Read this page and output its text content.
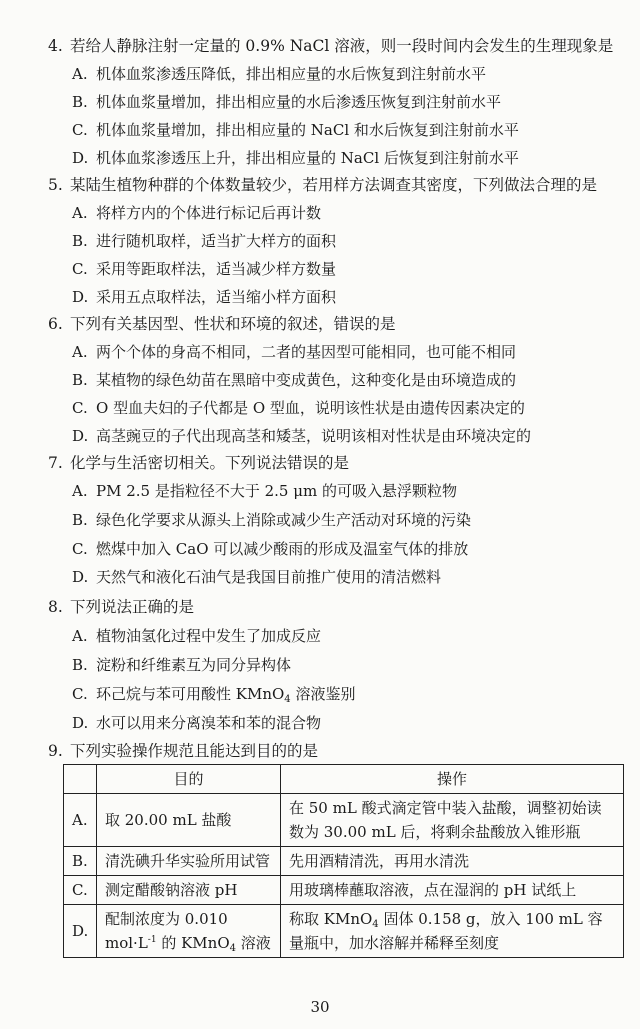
4. 若给人静脉注射一定量的 0.9% NaCl 溶液，则一段时间内会发生的生理现象是
A. 机体血浆渗透压降低，排出相应量的水后恢复到注射前水平
B. 机体血浆量增加，排出相应量的水后渗透压恢复到注射前水平
C. 机体血浆量增加，排出相应量的 NaCl 和水后恢复到注射前水平
D. 机体血浆渗透压上升，排出相应量的 NaCl 后恢复到注射前水平
5. 某陆生植物种群的个体数量较少，若用样方法调查其密度，下列做法合理的是
A. 将样方内的个体进行标记后再计数
B. 进行随机取样，适当扩大样方的面积
C. 采用等距取样法，适当减少样方数量
D. 采用五点取样法，适当缩小样方面积
6. 下列有关基因型、性状和环境的叙述，错误的是
A. 两个个体的身高不相同，二者的基因型可能相同，也可能不相同
B. 某植物的绿色幼苗在黑暗中变成黄色，这种变化是由环境造成的
C. O 型血夫妇的子代都是 O 型血，说明该性状是由遗传因素决定的
D. 高茎豌豆的子代出现高茎和矮茎，说明该相对性状是由环境决定的
7. 化学与生活密切相关。下列说法错误的是
A. PM 2.5 是指粒径不大于 2.5 μm 的可吸入悬浮颗粒物
B. 绿色化学要求从源头上消除或减少生产活动对环境的污染
C. 燃煤中加入 CaO 可以减少酸雨的形成及温室气体的排放
D. 天然气和液化石油气是我国目前推广使用的清洁燃料
8. 下列说法正确的是
A. 植物油氢化过程中发生了加成反应
B. 淀粉和纤维素互为同分异构体
C. 环己烷与苯可用酸性 KMnO$_4$ 溶液鉴别
D. 水可以用来分离溴苯和苯的混合物
9. 下列实验操作规范且能达到目的的是
	目的	操作
A.	取 20.00 mL 盐酸	在 50 mL 酸式滴定管中装入盐酸，调整初始读数为 30.00 mL 后，将剩余盐酸放入锥形瓶
B.	清洗碘升华实验所用试管	先用酒精清洗，再用水清洗
C.	测定醋酸钠溶液 pH	用玻璃棒蘸取溶液，点在湿润的 pH 试纸上
D.	配制浓度为 0.010 $mol\cdot L^{-1}$ 的 KMnO$_4$ 溶液	称取 KMnO$_4$ 固体 0.158 g，放入 100 mL 容量瓶中，加水溶解并稀释至刻度
30
